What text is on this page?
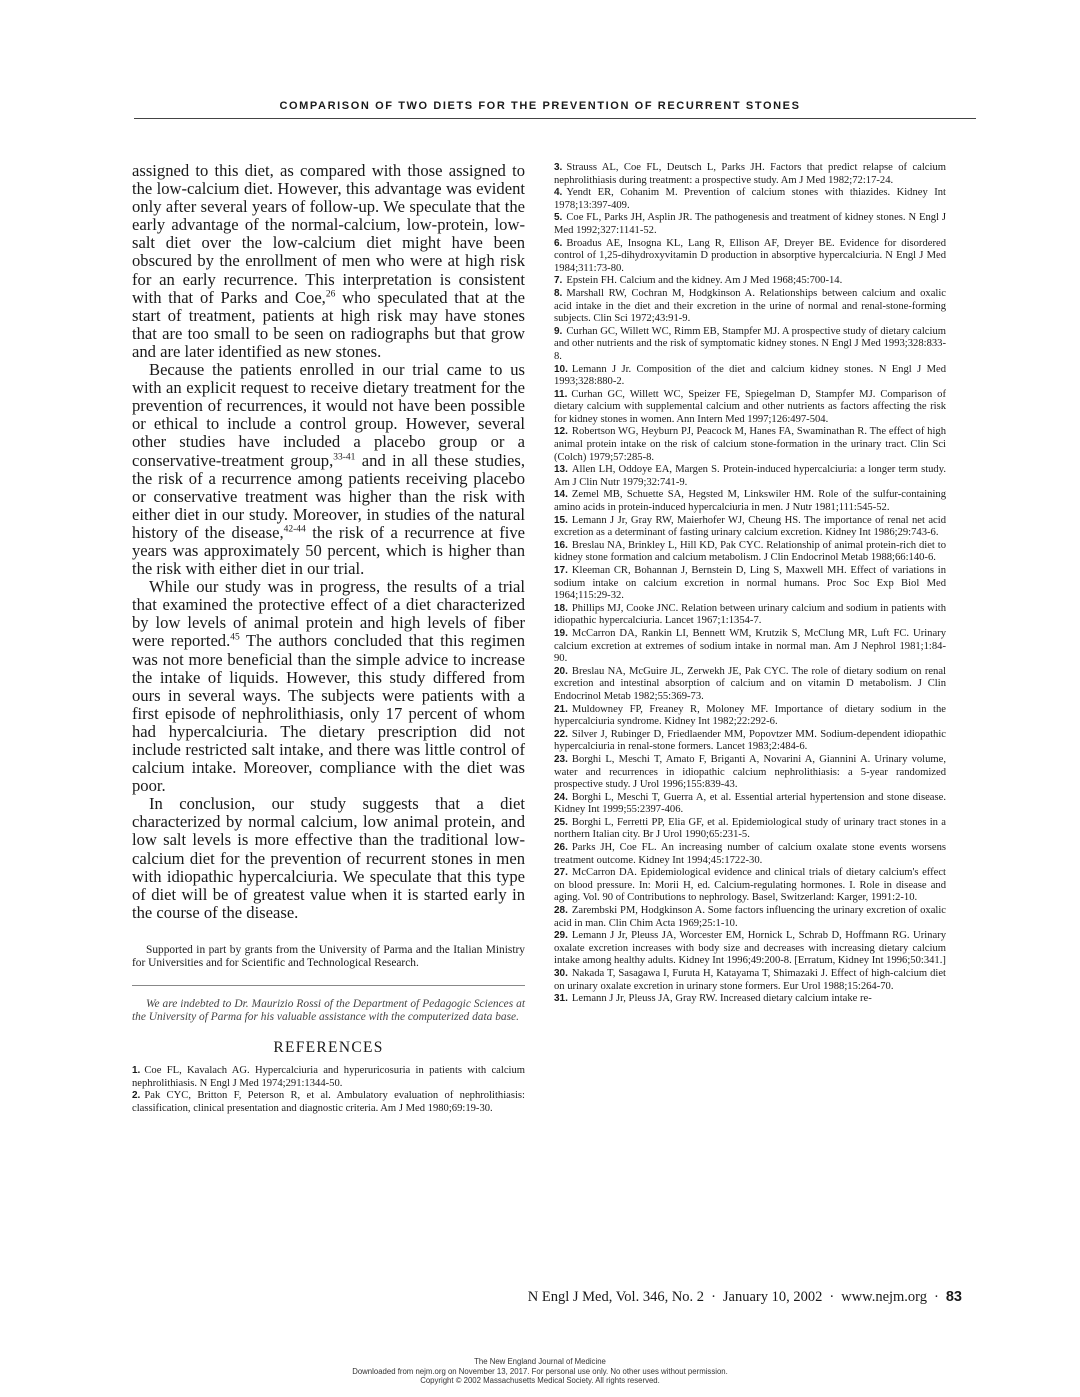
COMPARISON OF TWO DIETS FOR THE PREVENTION OF RECURRENT STONES

assigned to this diet, as compared with those assigned to the low-calcium diet. However, this advantage was evident only after several years of follow-up. We speculate that the early advantage of the normal-calcium, low-protein, low-salt diet over the low-calcium diet might have been obscured by the enrollment of men who were at high risk for an early recurrence. This interpretation is consistent with that of Parks and Coe,$^{26}$ who speculated that at the start of treatment, patients at high risk may have stones that are too small to be seen on radiographs but that grow and are later identified as new stones.

Because the patients enrolled in our trial came to us with an explicit request to receive dietary treatment for the prevention of recurrences, it would not have been possible or ethical to include a control group. However, several other studies have included a placebo group or a conservative-treatment group,$^{33-41}$ and in all these studies, the risk of a recurrence among patients receiving placebo or conservative treatment was higher than the risk with either diet in our study. Moreover, in studies of the natural history of the disease,$^{42-44}$ the risk of a recurrence at five years was approximately 50 percent, which is higher than the risk with either diet in our trial.

While our study was in progress, the results of a trial that examined the protective effect of a diet characterized by low levels of animal protein and high levels of fiber were reported.$^{45}$ The authors concluded that this regimen was not more beneficial than the simple advice to increase the intake of liquids. However, this study differed from ours in several ways. The subjects were patients with a first episode of nephrolithiasis, only 17 percent of whom had hypercalciuria. The dietary prescription did not include restricted salt intake, and there was little control of calcium intake. Moreover, compliance with the diet was poor.

In conclusion, our study suggests that a diet characterized by normal calcium, low animal protein, and low salt levels is more effective than the traditional low-calcium diet for the prevention of recurrent stones in men with idiopathic hypercalciuria. We speculate that this type of diet will be of greatest value when it is started early in the course of the disease.

Supported in part by grants from the University of Parma and the Italian Ministry for Universities and for Scientific and Technological Research.

We are indebted to Dr. Maurizio Rossi of the Department of Pedagogic Sciences at the University of Parma for his valuable assistance with the computerized data base.

REFERENCES

1. Coe FL, Kavalach AG. Hypercalciuria and hyperuricosuria in patients with calcium nephrolithiasis. N Engl J Med 1974;291:1344-50.

2. Pak CYC, Britton F, Peterson R, et al. Ambulatory evaluation of nephrolithiasis: classification, clinical presentation and diagnostic criteria. Am J Med 1980;69:19-30.

3. Strauss AL, Coe FL, Deutsch L, Parks JH. Factors that predict relapse of calcium nephrolithiasis during treatment: a prospective study. Am J Med 1982;72:17-24.

4. Yendt ER, Cohanim M. Prevention of calcium stones with thiazides. Kidney Int 1978;13:397-409.

5. Coe FL, Parks JH, Asplin JR. The pathogenesis and treatment of kidney stones. N Engl J Med 1992;327:1141-52.

6. Broadus AE, Insogna KL, Lang R, Ellison AF, Dreyer BE. Evidence for disordered control of 1,25-dihydroxyvitamin D production in absorptive hypercalciuria. N Engl J Med 1984;311:73-80.

7. Epstein FH. Calcium and the kidney. Am J Med 1968;45:700-14.

8. Marshall RW, Cochran M, Hodgkinson A. Relationships between calcium and oxalic acid intake in the diet and their excretion in the urine of normal and renal-stone-forming subjects. Clin Sci 1972;43:91-9.

9. Curhan GC, Willett WC, Rimm EB, Stampfer MJ. A prospective study of dietary calcium and other nutrients and the risk of symptomatic kidney stones. N Engl J Med 1993;328:833-8.

10. Lemann J Jr. Composition of the diet and calcium kidney stones. N Engl J Med 1993;328:880-2.

11. Curhan GC, Willett WC, Speizer FE, Spiegelman D, Stampfer MJ. Comparison of dietary calcium with supplemental calcium and other nutrients as factors affecting the risk for kidney stones in women. Ann Intern Med 1997;126:497-504.

12. Robertson WG, Heyburn PJ, Peacock M, Hanes FA, Swaminathan R. The effect of high animal protein intake on the risk of calcium stone-formation in the urinary tract. Clin Sci (Colch) 1979;57:285-8.

13. Allen LH, Oddoye EA, Margen S. Protein-induced hypercalciuria: a longer term study. Am J Clin Nutr 1979;32:741-9.

14. Zemel MB, Schuette SA, Hegsted M, Linkswiler HM. Role of the sulfur-containing amino acids in protein-induced hypercalciuria in men. J Nutr 1981;111:545-52.

15. Lemann J Jr, Gray RW, Maierhofer WJ, Cheung HS. The importance of renal net acid excretion as a determinant of fasting urinary calcium excretion. Kidney Int 1986;29:743-6.

16. Breslau NA, Brinkley L, Hill KD, Pak CYC. Relationship of animal protein-rich diet to kidney stone formation and calcium metabolism. J Clin Endocrinol Metab 1988;66:140-6.

17. Kleeman CR, Bohannan J, Bernstein D, Ling S, Maxwell MH. Effect of variations in sodium intake on calcium excretion in normal humans. Proc Soc Exp Biol Med 1964;115:29-32.

18. Phillips MJ, Cooke JNC. Relation between urinary calcium and sodium in patients with idiopathic hypercalciuria. Lancet 1967;1:1354-7.

19. McCarron DA, Rankin LI, Bennett WM, Krutzik S, McClung MR, Luft FC. Urinary calcium excretion at extremes of sodium intake in normal man. Am J Nephrol 1981;1:84-90.

20. Breslau NA, McGuire JL, Zerwekh JE, Pak CYC. The role of dietary sodium on renal excretion and intestinal absorption of calcium and on vitamin D metabolism. J Clin Endocrinol Metab 1982;55:369-73.

21. Muldowney FP, Freaney R, Moloney MF. Importance of dietary sodium in the hypercalciuria syndrome. Kidney Int 1982;22:292-6.

22. Silver J, Rubinger D, Friedlaender MM, Popovtzer MM. Sodium-dependent idiopathic hypercalciuria in renal-stone formers. Lancet 1983;2:484-6.

23. Borghi L, Meschi T, Amato F, Briganti A, Novarini A, Giannini A. Urinary volume, water and recurrences in idiopathic calcium nephrolithiasis: a 5-year randomized prospective study. J Urol 1996;155:839-43.

24. Borghi L, Meschi T, Guerra A, et al. Essential arterial hypertension and stone disease. Kidney Int 1999;55:2397-406.

25. Borghi L, Ferretti PP, Elia GF, et al. Epidemiological study of urinary tract stones in a northern Italian city. Br J Urol 1990;65:231-5.

26. Parks JH, Coe FL. An increasing number of calcium oxalate stone events worsens treatment outcome. Kidney Int 1994;45:1722-30.

27. McCarron DA. Epidemiological evidence and clinical trials of dietary calcium's effect on blood pressure. In: Morii H, ed. Calcium-regulating hormones. I. Role in disease and aging. Vol. 90 of Contributions to nephrology. Basel, Switzerland: Karger, 1991:2-10.

28. Zarembski PM, Hodgkinson A. Some factors influencing the urinary excretion of oxalic acid in man. Clin Chim Acta 1969;25:1-10.

29. Lemann J Jr, Pleuss JA, Worcester EM, Hornick L, Schrab D, Hoffmann RG. Urinary oxalate excretion increases with body size and decreases with increasing dietary calcium intake among healthy adults. Kidney Int 1996;49:200-8. [Erratum, Kidney Int 1996;50:341.]

30. Nakada T, Sasagawa I, Furuta H, Katayama T, Shimazaki J. Effect of high-calcium diet on urinary oxalate excretion in urinary stone formers. Eur Urol 1988;15:264-70.

31. Lemann J Jr, Pleuss JA, Gray RW. Increased dietary calcium intake re-

N Engl J Med, Vol. 346, No. 2 · January 10, 2002 · www.nejm.org · 83
The New England Journal of Medicine
Downloaded from nejm.org on November 13, 2017. For personal use only. No other uses without permission.
Copyright © 2002 Massachusetts Medical Society. All rights reserved.
